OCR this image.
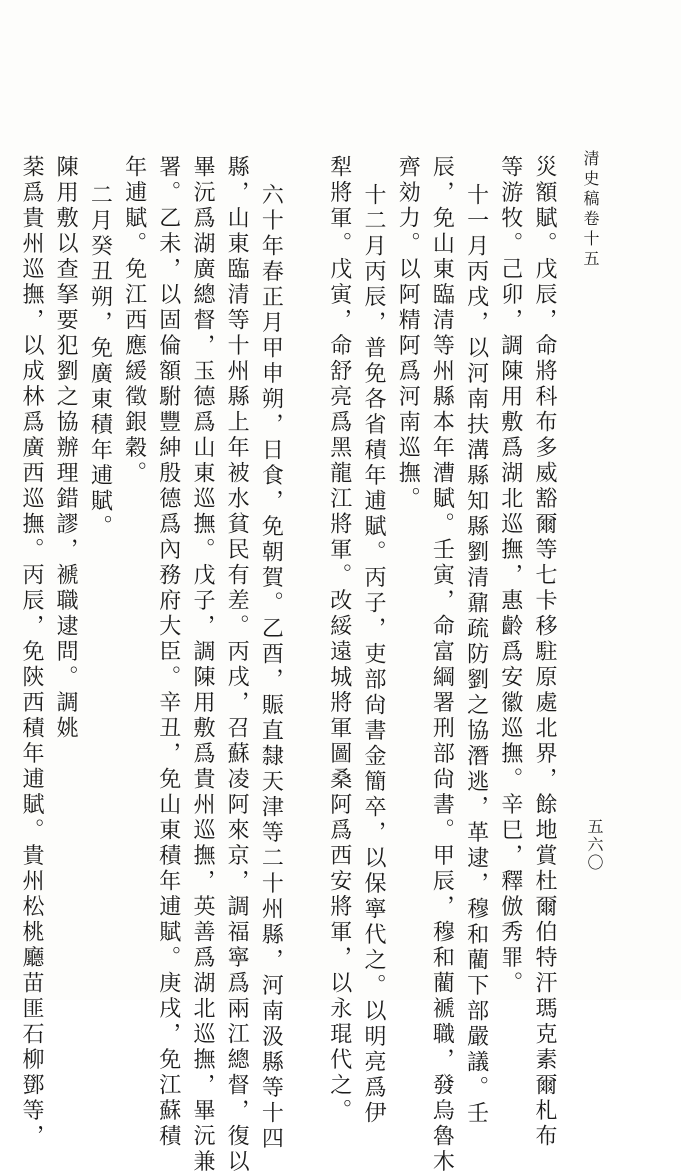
清史稿卷十五
五六〇
災額賦。戊辰，命將科布多威豁爾等七卡移駐原處北界，餘地賞杜爾伯特汗瑪克素爾札布
等游牧。己卯，調陳用敷爲湖北巡撫，惠齡爲安徽巡撫。辛巳，釋倣秀罪。
十一月丙戌，以河南扶溝縣知縣劉清鼐疏防劉之協潛逃，革逮，穆和藺下部嚴議。壬
辰，免山東臨清等州縣本年漕賦。壬寅，命富綱署刑部尙書。甲辰，穆和藺褫職，發烏魯木
齊効力。以阿精阿爲河南巡撫。
十二月丙辰，普免各省積年逋賦。丙子，吏部尙書金簡卒，以保寧代之。以明亮爲伊
犁將軍。戊寅，命舒亮爲黑龍江將軍。改綏遠城將軍圖桑阿爲西安將軍，以永琨代之。

六十年春正月甲申朔，日食，免朝賀。乙酉，賑直隸天津等二十州縣，河南汲縣等十四
縣，山東臨清等十州縣上年被水貧民有差。丙戌，召蘇凌阿來京，調福寧爲兩江總督，復以
畢沅爲湖廣總督，玉德爲山東巡撫。戊子，調陳用敷爲貴州巡撫，英善爲湖北巡撫，畢沅兼
署。乙未，以固倫額駙豐紳殷德爲內務府大臣。辛丑，免山東積年逋賦。庚戌，免江蘇積
年逋賦。免江西應緩徵銀穀。
二月癸丑朔，免廣東積年逋賦。
陳用敷以查拏要犯劉之協辦理錯謬，褫職逮問。調姚
棻爲貴州巡撫，以成林爲廣西巡撫。丙辰，免陝西積年逋賦。貴州松桃廳苗匪石柳鄧等，
